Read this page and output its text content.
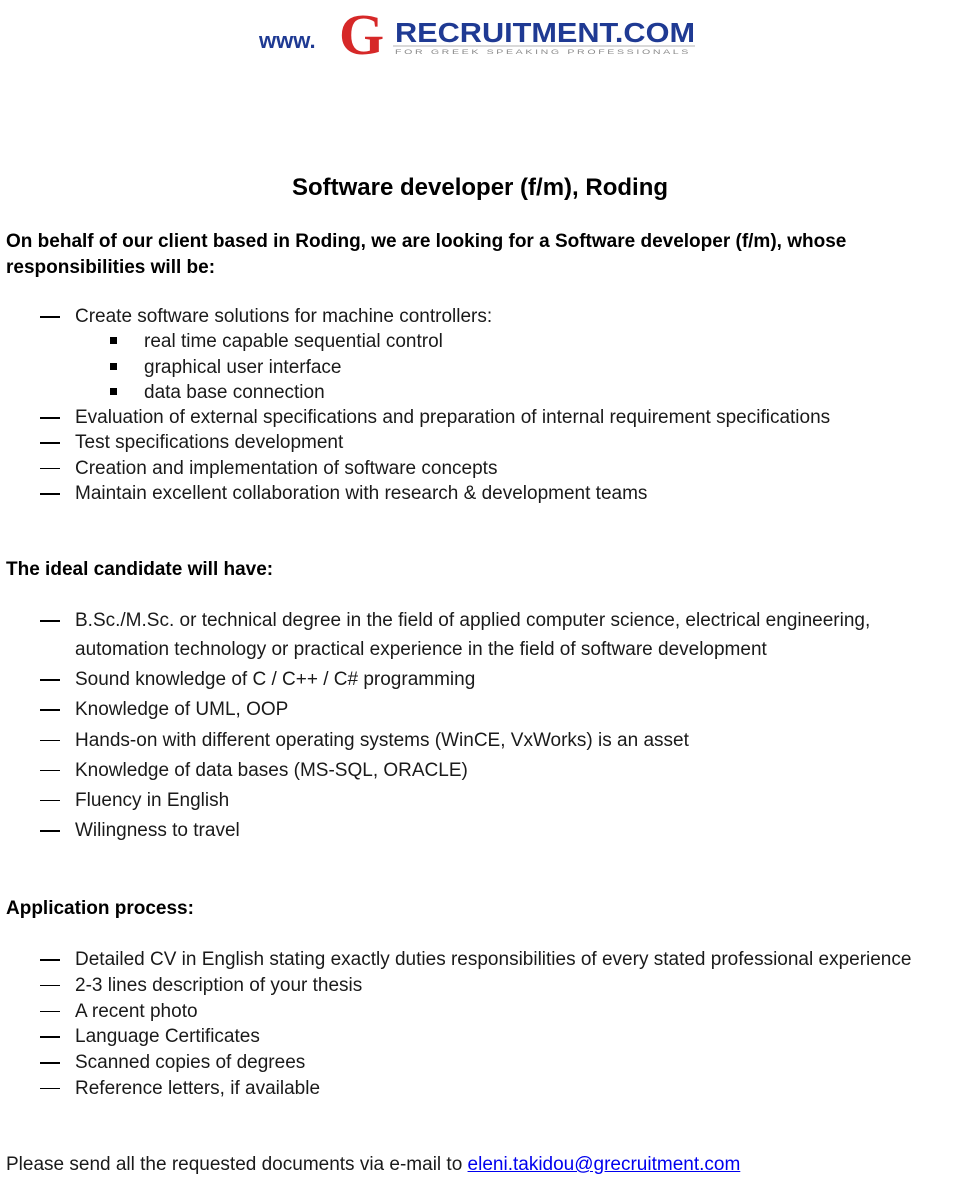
www. G RECRUITMENT.COM
FOR GREEK SPEAKING PROFESSIONALS
Software developer (f/m), Roding
On behalf of our client based in Roding, we are looking for a Software developer (f/m), whose responsibilities will be:
Create software solutions for machine controllers:
real time capable sequential control
graphical user interface
data base connection
Evaluation of external specifications and preparation of internal requirement specifications
Test specifications development
Creation and implementation of software concepts
Maintain excellent collaboration with research & development teams
The ideal candidate will have:
B.Sc./M.Sc. or technical degree in the field of applied computer science, electrical engineering, automation technology or practical experience in the field of software development
Sound knowledge of C / C++ / C# programming
Knowledge of UML, OOP
Hands-on with different operating systems (WinCE, VxWorks) is an asset
Knowledge of data bases (MS-SQL, ORACLE)
Fluency in English
Wilingness to travel
Application process:
Detailed CV in English stating exactly duties responsibilities of every stated professional experience
2-3 lines description of your thesis
A recent photo
Language Certificates
Scanned copies of degrees
Reference letters, if available
Please send all the requested documents via e-mail to eleni.takidou@grecruitment.com
